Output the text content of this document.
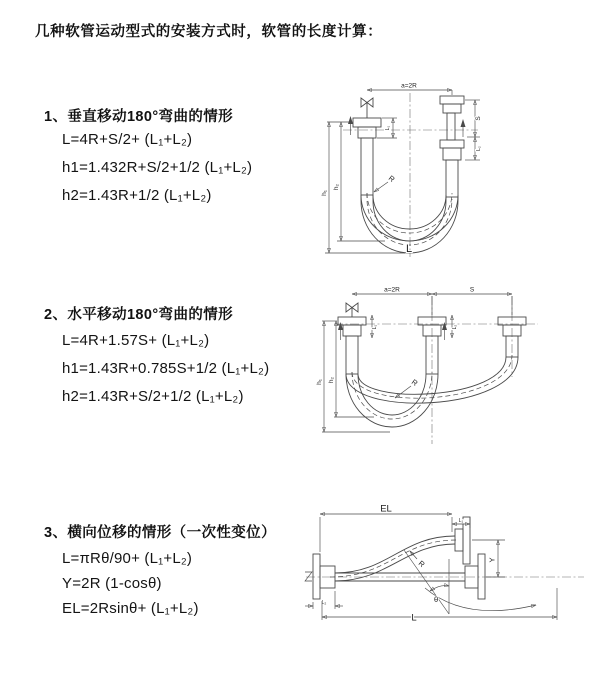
几种软管运动型式的安装方式时，软管的长度计算：
1、垂直移动180°弯曲的情形
L=4R+S/2+ (L₁+L₂)
h1=1.432R+S/2+1/2 (L₁+L₂)
h2=1.43R+1/2 (L₁+L₂)
2、水平移动180°弯曲的情形
L=4R+1.57S+ (L₁+L₂)
h1=1.43R+0.785S+1/2 (L₁+L₂)
h2=1.43R+S/2+1/2 (L₁+L₂)
3、横向位移的情形（一次性变位）
L=πRθ/90+ (L₁+L₂)
Y=2R (1-cosθ)
EL=2Rsinθ+ (L₁+L₂)
a=2R
S
L₂
L₁
h₁
h₂
R
L
a=2R	S
h₁ h₂
L₁	L₂
R
EL
L₁
Y
θ
R
L₂
L
